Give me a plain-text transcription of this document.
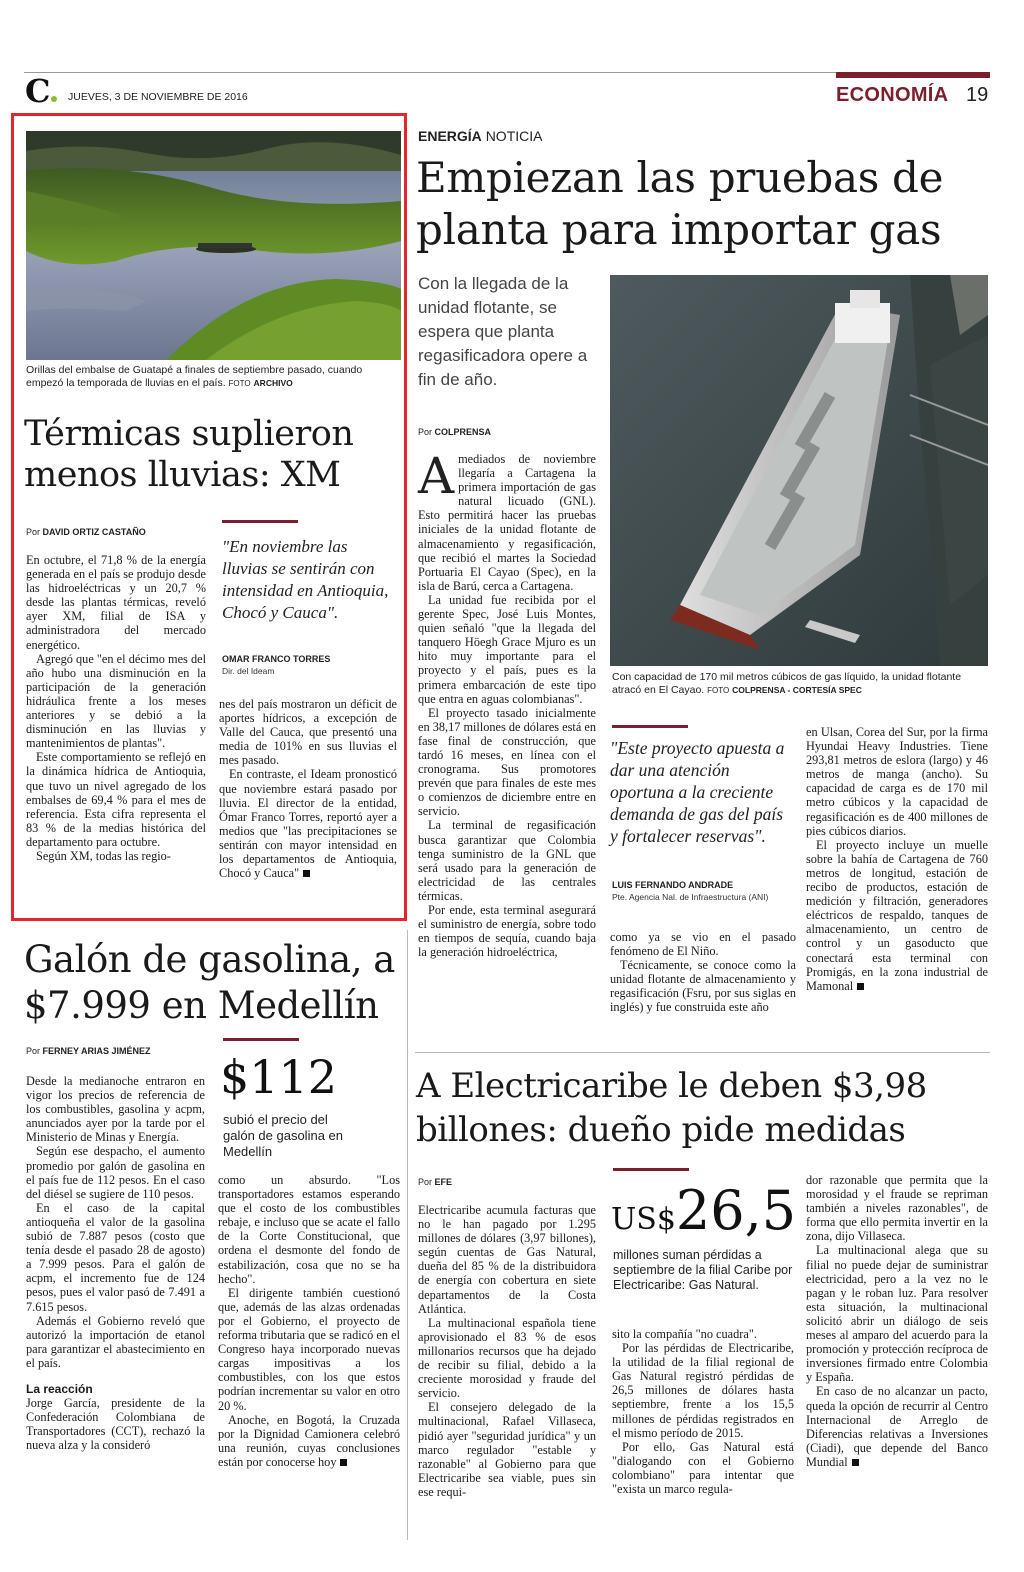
C	JUEVES, 3 DE NOVIEMBRE DE 2016	ECONOMÍA 19
Orillas del embalse de Guatapé a finales de septiembre pasado, cuando empezó la temporada de lluvias en el país. FOTO ARCHIVO
Térmicas suplieron menos lluvias: XM
Por DAVID ORTIZ CASTAÑO

En octubre, el 71,8 % de la energía generada en el país se produjo desde las hidroeléctricas y un 20,7 % desde las plantas térmicas, reveló ayer XM, filial de ISA y administradora del mercado energético.

Agregó que "en el décimo mes del año hubo una disminución en la participación de la generación hidráulica frente a los meses anteriores y se debió a la disminución en las lluvias y mantenimientos de plantas".

Este comportamiento se reflejó en la dinámica hídrica de Antioquia, que tuvo un nivel agregado de los embalses de 69,4 % para el mes de referencia. Esta cifra representa el 83 % de la medias histórica del departamento para octubre.

Según XM, todas las regio-

"En noviembre las lluvias se sentirán con intensidad en Antioquia, Chocó y Cauca".
OMAR FRANCO TORRES
Dir. del Ideam

nes del país mostraron un déficit de aportes hídricos, a excepción de Valle del Cauca, que presentó una media de 101% en sus lluvias el mes pasado.

En contraste, el Ideam pronosticó que noviembre estará pasado por lluvia. El director de la entidad, Ómar Franco Torres, reportó ayer a medios que "las precipitaciones se sentirán con mayor intensidad en los departamentos de Antioquia, Chocó y Cauca"

ENERGÍA NOTICIA
Empiezan las pruebas de planta para importar gas
Con la llegada de la unidad flotante, se espera que planta regasificadora opere a fin de año.
Por COLPRENSA

Amediados de noviembre llegaría a Cartagena la primera importación de gas natural licuado (GNL). Esto permitirá hacer las pruebas iniciales de la unidad flotante de almacenamiento y regasificación, que recibió el martes la Sociedad Portuaria El Cayao (Spec), en la isla de Barú, cerca a Cartagena.

La unidad fue recibida por el gerente Spec, José Luis Montes, quien señaló "que la llegada del tanquero Höegh Grace Mjuro es un hito muy importante para el proyecto y el país, pues es la primera embarcación de este tipo que entra en aguas colombianas".

El proyecto tasado inicialmente en 38,17 millones de dólares está en fase final de construcción, que tardó 16 meses, en línea con el cronograma. Sus promotores prevén que para finales de este mes o comienzos de diciembre entre en servicio.

La terminal de regasificación busca garantizar que Colombia tenga suministro de la GNL que será usado para la generación de electricidad de las centrales térmicas.

Por ende, esta terminal asegurará el suministro de energía, sobre todo en tiempos de sequía, cuando baja la generación hidroeléctrica,

Con capacidad de 170 mil metros cúbicos de gas líquido, la unidad flotante atracó en El Cayao. FOTO COLPRENSA - CORTESÍA SPEC
"Este proyecto apuesta a dar una atención oportuna a la creciente demanda de gas del país y fortalecer reservas".
LUIS FERNANDO ANDRADE
Pte. Agencia Nal. de Infraestructura (ANI)

como ya se vio en el pasado fenómeno de El Niño.

Técnicamente, se conoce como la unidad flotante de almacenamiento y regasificación (Fsru, por sus siglas en inglés) y fue construida este año

en Ulsan, Corea del Sur, por la firma Hyundai Heavy Industries. Tiene 293,81 metros de eslora (largo) y 46 metros de manga (ancho). Su capacidad de carga es de 170 mil metro cúbicos y la capacidad de regasificación es de 400 millones de pies cúbicos diarios.

El proyecto incluye un muelle sobre la bahía de Cartagena de 760 metros de longitud, estación de recibo de productos, estación de medición y filtración, generadores eléctricos de respaldo, tanques de almacenamiento, un centro de control y un gasoducto que conectará esta terminal con Promigás, en la zona industrial de Mamonal

Galón de gasolina, a $7.999 en Medellín
Por FERNEY ARIAS JIMÉNEZ $112
subió el precio del galón de gasolina en Medellín

Desde la medianoche entraron en vigor los precios de referencia de los combustibles, gasolina y acpm, anunciados ayer por la tarde por el Ministerio de Minas y Energía.

Según ese despacho, el aumento promedio por galón de gasolina en el país fue de 112 pesos. En el caso del diésel se sugiere de 110 pesos.

En el caso de la capital antioqueña el valor de la gasolina subió de 7.887 pesos (costo que tenía desde el pasado 28 de agosto) a 7.999 pesos. Para el galón de acpm, el incremento fue de 124 pesos, pues el valor pasó de 7.491 a 7.615 pesos.

Además el Gobierno reveló que autorizó la importación de etanol para garantizar el abastecimiento en el país.

La reacción

Jorge García, presidente de la Confederación Colombiana de Transportadores (CCT), rechazó la nueva alza y la consideró

como un absurdo. "Los transportadores estamos esperando que el costo de los combustibles rebaje, e incluso que se acate el fallo de la Corte Constitucional, que ordena el desmonte del fondo de estabilización, cosa que no se ha hecho".

El dirigente también cuestionó que, además de las alzas ordenadas por el Gobierno, el proyecto de reforma tributaria que se radicó en el Congreso haya incorporado nuevas cargas impositivas a los combustibles, con los que estos podrían incrementar su valor en otro 20 %.

Anoche, en Bogotá, la Cruzada por la Dignidad Camionera celebró una reunión, cuyas conclusiones están por conocerse hoy

A Electricaribe le deben $3,98 billones: dueño pide medidas
Por EFE
US$26,5
millones suman pérdidas a septiembre de la filial Caribe por Electricaribe: Gas Natural.

Electricaribe acumula facturas que no le han pagado por 1.295 millones de dólares (3,97 billones), según cuentas de Gas Natural, dueña del 85 % de la distribuidora de energía con cobertura en siete departamentos de la Costa Atlántica.

La multinacional española tiene aprovisionado el 83 % de esos millonarios recursos que ha dejado de recibir su filial, debido a la creciente morosidad y fraude del servicio.

El consejero delegado de la multinacional, Rafael Villaseca, pidió ayer "seguridad jurídica" y un marco regulador "estable y razonable" al Gobierno para que Electricaribe sea viable, pues sin ese requi-

sito la compañía "no cuadra".

Por las pérdidas de Electricaribe, la utilidad de la filial regional de Gas Natural registró pérdidas de 26,5 millones de dólares hasta septiembre, frente a los 15,5 millones de pérdidas registrados en el mismo período de 2015.

Por ello, Gas Natural está "dialogando con el Gobierno colombiano" para intentar que "exista un marco regula-

dor razonable que permita que la morosidad y el fraude se repriman también a niveles razonables", de forma que ello permita invertir en la zona, dijo Villaseca.

La multinacional alega que su filial no puede dejar de suministrar electricidad, pero a la vez no le pagan y le roban luz. Para resolver esta situación, la multinacional solicitó abrir un diálogo de seis meses al amparo del acuerdo para la promoción y protección recíproca de inversiones firmado entre Colombia y España.

En caso de no alcanzar un pacto, queda la opción de recurrir al Centro Internacional de Arreglo de Diferencias relativas a Inversiones (Ciadi), que depende del Banco Mundial
